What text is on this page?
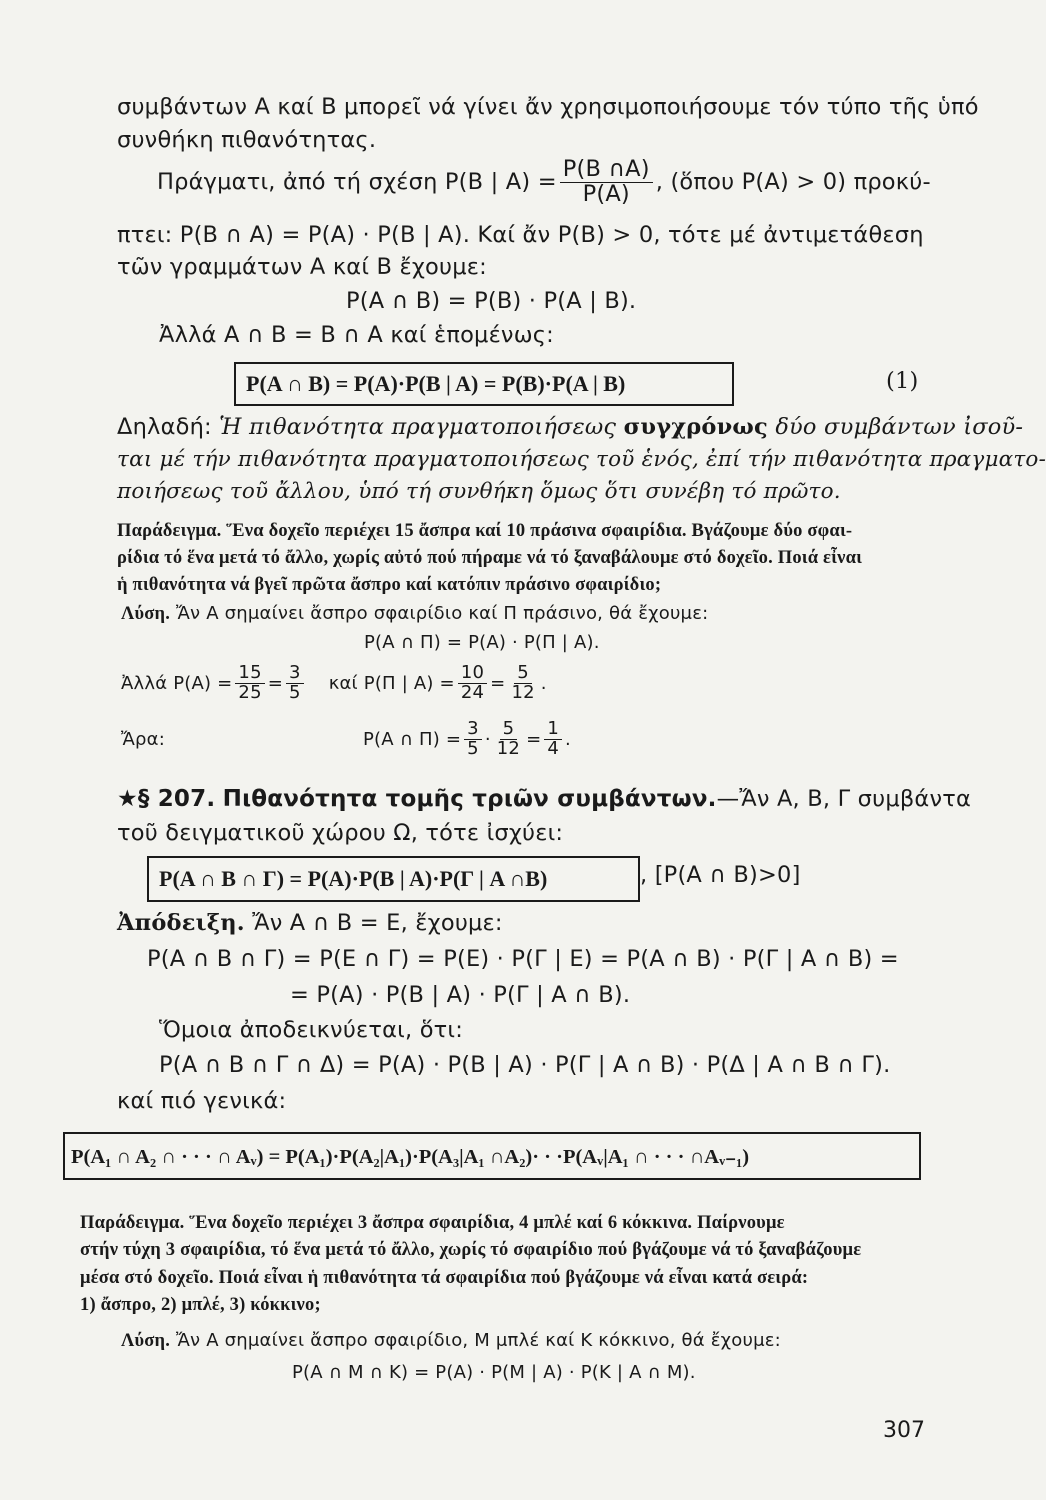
συμβάντων Α καί Β μπορεῖ νά γίνει ἄν χρησιμοποιήσουμε τόν τύπο τῆς ὑπό
συνθήκη πιθανότητας.
Πράγματι, ἀπό τή σχέση P(B | $A) = \frac{P(B \cap A)}{P(A)}$ , (ὅπου P(A) > 0) προκύ-
πτει: P(B ∩ A) = P(A) · P(B | A). Καί ἄν P(B) > 0, τότε μέ ἀντιμετάθεση
τῶν γραμμάτων Α καί Β ἔχουμε:
P(A ∩ B) = P(B) · P(A | B).
Ἀλλά A ∩ B = B ∩ A καί ἑπομένως:
P(A ∩ B) = P(A)·P(B | A) = P(B)·P(A | B)	(1)
Δηλαδή: Ἡ πιθανότητα πραγματοποιήσεως συγχρόνως δύο συμβάντων ἰσοῦ-
ται μέ τήν πιθανότητα πραγματοποιήσεως τοῦ ἑνός, ἐπί τήν πιθανότητα πραγματο-
ποιήσεως τοῦ ἄλλου, ὑπό τή συνθήκη ὅμως ὅτι συνέβη τό πρῶτο.
Παράδειγμα. Ἕνα δοχεῖο περιέχει 15 ἄσπρα καί 10 πράσινα σφαιρίδια. Βγάζουμε δύο σφαι-
ρίδια τό ἕνα μετά τό ἄλλο, χωρίς αὐτό πού πήραμε νά τό ξαναβάλουμε στό δοχεῖο. Ποιά εἶναι
ἡ πιθανότητα νά βγεῖ πρῶτα ἄσπρο καί κατόπιν πράσινο σφαιρίδιο;
Λύση. Ἄν Α σημαίνει ἄσπρο σφαιρίδιο καί Π πράσινο, θά ἔχουμε:
P(A ∩ Π) = P(A) · P(Π | A).
Ἀλλά $P(A) = \frac{15}{25} = \frac{3}{5}$ καί P(Π | $A) = \frac{10}{24} = \frac{5}{12}$ .
Ἄρα:	P(A ∩ $\Pi) = \frac{3}{5} \cdot \frac{5}{12} = \frac{1}{4}$ .
★§ 207. Πιθανότητα τομῆς τριῶν συμβάντων.—Ἄν Α, Β, Γ συμβάντα
τοῦ δειγματικοῦ χώρου Ω, τότε ἰσχύει:
P(A ∩ B ∩ Γ) = P(A)·P(B | A)·P(Γ | A ∩B)	, [P(A ∩ B)>0]
Ἀπόδειξη. Ἄν A ∩ B = E, ἔχουμε:
P(A ∩ B ∩ Γ) = P(E ∩ Γ) = P(E) · P(Γ | E) = P(A ∩ B) · P(Γ | A ∩ B) =
= P(A) · P(B | A) · P(Γ | A ∩ B).
Ὅμοια ἀποδεικνύεται, ὅτι:
P(A ∩ B ∩ Γ ∩ Δ) = P(A) · P(B | A) · P(Γ | A ∩ B) · P(Δ | A ∩ B ∩ Γ).
καί πιό γενικά:
P(A₁ ∩ A₂ ∩ · · · ∩ Aᵥ) = P(A₁)·P(A₂|A₁)·P(A₃|A₁ ∩A₂)· · ·P(Aᵥ|A₁ ∩ · · · ∩Aᵥ₋₁)
Παράδειγμα. Ἕνα δοχεῖο περιέχει 3 ἄσπρα σφαιρίδια, 4 μπλέ καί 6 κόκκινα. Παίρνουμε
στήν τύχη 3 σφαιρίδια, τό ἕνα μετά τό ἄλλο, χωρίς τό σφαιρίδιο πού βγάζουμε νά τό ξαναβάζουμε
μέσα στό δοχεῖο. Ποιά εἶναι ἡ πιθανότητα τά σφαιρίδια πού βγάζουμε νά εἶναι κατά σειρά:
1) ἄσπρο, 2) μπλέ, 3) κόκκινο;
Λύση. Ἄν Α σημαίνει ἄσπρο σφαιρίδιο, Μ μπλέ καί Κ κόκκινο, θά ἔχουμε:
P(A ∩ M ∩ K) = P(A) · P(M | A) · P(K | A ∩ M).
307
